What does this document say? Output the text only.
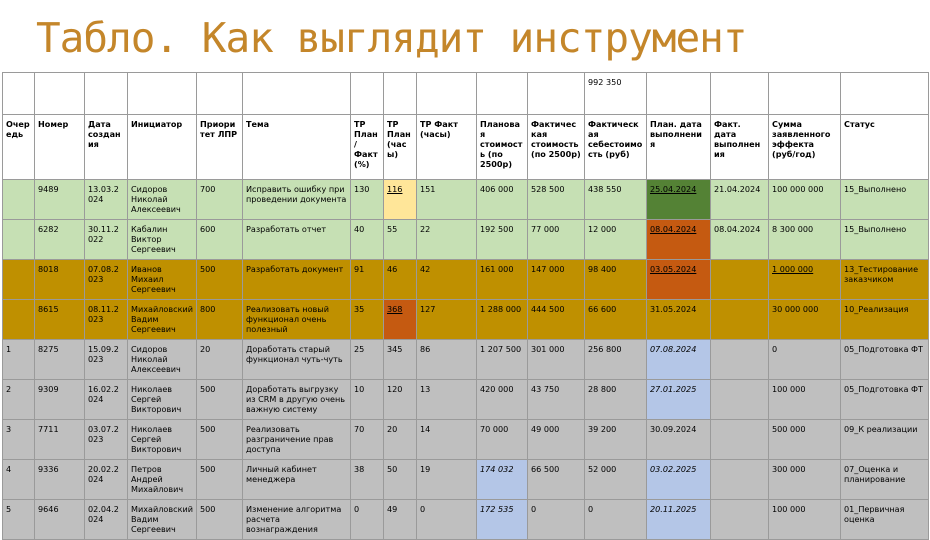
Табло. Как выглядит инструмент
											992 350				
Очередь	Номер	Дата создания	Инициатор	Приоритет ЛПР	Тема	TP План / Факт (%)	TP План (часы)	TP Факт (часы)	Плановая стоимость (по 2500р)	Фактическая стоимость (по 2500р)	Фактическая себестоимость (руб)	План. дата выполнения	Факт. дата выполнения	Сумма заявленного эффекта (руб/год)	Статус
	9489	13.03.2024	Сидоров Николай Алексеевич	700	Исправить ошибку при проведении документа	130	116	151	406 000	528 500	438 550	25.04.2024	21.04.2024	100 000 000	15_Выполнено
	6282	30.11.2022	Кабалин Виктор Сергеевич	600	Разработать отчет	40	55	22	192 500	77 000	12 000	08.04.2024	08.04.2024	8 300 000	15_Выполнено
	8018	07.08.2023	Иванов Михаил Сергеевич	500	Разработать документ	91	46	42	161 000	147 000	98 400	03.05.2024		1 000 000	13_Тестирование заказчиком
	8615	08.11.2023	Михайловский Вадим Сергеевич	800	Реализовать новый функционал очень полезный	35	368	127	1 288 000	444 500	66 600	31.05.2024		30 000 000	10_Реализация
1	8275	15.09.2023	Сидоров Николай Алексеевич	20	Доработать старый функционал чуть-чуть	25	345	86	1 207 500	301 000	256 800	07.08.2024		0	05_Подготовка ФТ
2	9309	16.02.2024	Николаев Сергей Викторович	500	Доработать выгрузку из CRM в другую очень важную систему	10	120	13	420 000	43 750	28 800	27.01.2025		100 000	05_Подготовка ФТ
3	7711	03.07.2023	Николаев Сергей Викторович	500	Реализовать разграничение прав доступа	70	20	14	70 000	49 000	39 200	30.09.2024		500 000	09_К реализации
4	9336	20.02.2024	Петров Андрей Михайлович	500	Личный кабинет менеджера	38	50	19	174 032	66 500	52 000	03.02.2025		300 000	07_Оценка и планирование
5	9646	02.04.2024	Михайловский Вадим Сергеевич	500	Изменение алгоритма расчета вознаграждения	0	49	0	172 535	0	0	20.11.2025		100 000	01_Первичная оценка
